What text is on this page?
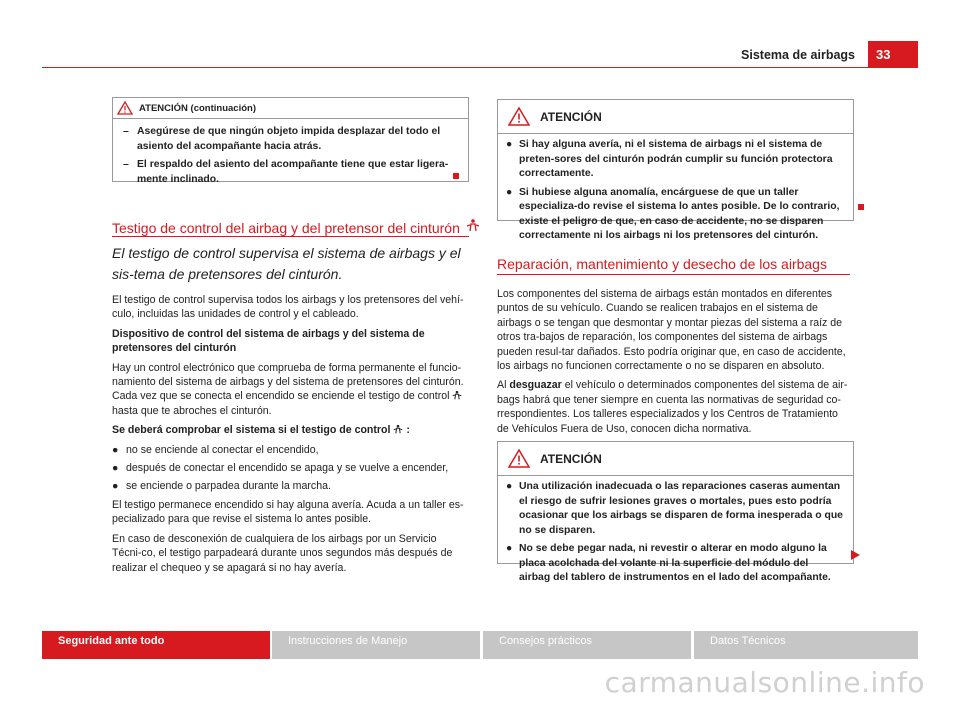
Sistema de airbags	33
ATENCIÓN (continuación)
– Asegúrese de que ningún objeto impida desplazar del todo el asiento del acompañante hacia atrás.
– El respaldo del asiento del acompañante tiene que estar ligera-mente inclinado.
Testigo de control del airbag y del pretensor del cinturón

El testigo de control supervisa el sistema de airbags y el sis-tema de pretensores del cinturón.

El testigo de control supervisa todos los airbags y los pretensores del vehí-culo, incluidas las unidades de control y el cableado.

Dispositivo de control del sistema de airbags y del sistema de pretensores del cinturón

Hay un control electrónico que comprueba de forma permanente el funcio-namiento del sistema de airbags y del sistema de pretensores del cinturón. Cada vez que se conecta el encendido se enciende el testigo de control  hasta que te abroches el cinturón.

Se deberá comprobar el sistema si el testigo de control :

● no se enciende al conectar el encendido,
● después de conectar el encendido se apaga y se vuelve a encender,
● se enciende o parpadea durante la marcha.

El testigo permanece encendido si hay alguna avería. Acuda a un taller es-pecializado para que revise el sistema lo antes posible.

En caso de desconexión de cualquiera de los airbags por un Servicio Técni-co, el testigo parpadeará durante unos segundos más después de realizar el chequeo y se apagará si no hay avería.

ATENCIÓN
● Si hay alguna avería, ni el sistema de airbags ni el sistema de preten-sores del cinturón podrán cumplir su función protectora correctamente.
● Si hubiese alguna anomalía, encárguese de que un taller especializa-do revise el sistema lo antes posible. De lo contrario, existe el peligro de que, en caso de accidente, no se disparen correctamente ni los airbags ni los pretensores del cinturón.
Reparación, mantenimiento y desecho de los airbags

Los componentes del sistema de airbags están montados en diferentes puntos de su vehículo. Cuando se realicen trabajos en el sistema de airbags o se tengan que desmontar y montar piezas del sistema a raíz de otros tra-bajos de reparación, los componentes del sistema de airbags pueden resul-tar dañados. Esto podría originar que, en caso de accidente, los airbags no funcionen correctamente o no se disparen en absoluto.

Al desguazar el vehículo o determinados componentes del sistema de air-bags habrá que tener siempre en cuenta las normativas de seguridad co-rrespondientes. Los talleres especializados y los Centros de Tratamiento de Vehículos Fuera de Uso, conocen dicha normativa.

ATENCIÓN
● Una utilización inadecuada o las reparaciones caseras aumentan el riesgo de sufrir lesiones graves o mortales, pues esto podría ocasionar que los airbags se disparen de forma inesperada o que no se disparen.
● No se debe pegar nada, ni revestir o alterar en modo alguno la placa acolchada del volante ni la superficie del módulo del airbag del tablero de instrumentos en el lado del acompañante.
Seguridad ante todo	Instrucciones de Manejo	Consejos prácticos	Datos Técnicos
carmanualsonline.info
